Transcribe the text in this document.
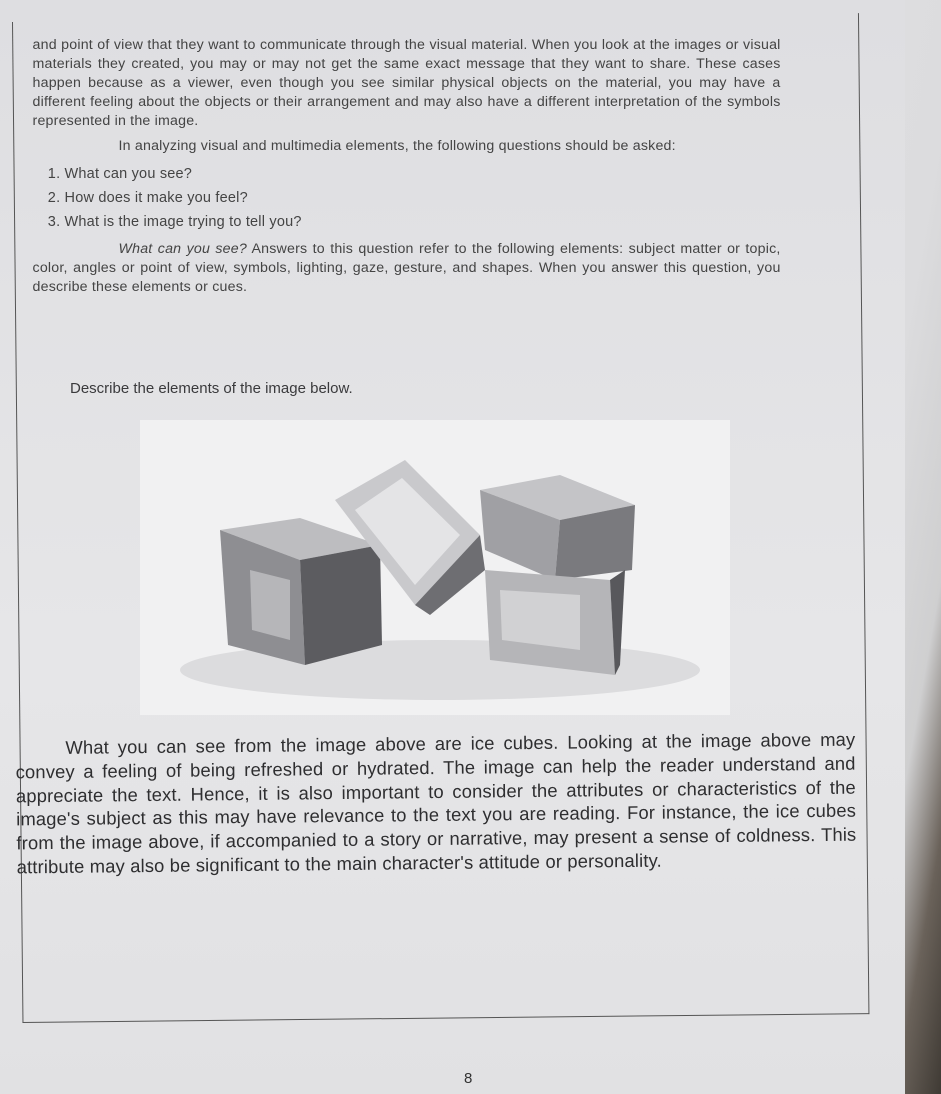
and point of view that they want to communicate through the visual material. When you look at the images or visual materials they created, you may or may not get the same exact message that they want to share. These cases happen because as a viewer, even though you see similar physical objects on the material, you may have a different feeling about the objects or their arrangement and may also have a different interpretation of the symbols represented in the image.

In analyzing visual and multimedia elements, the following questions should be asked:

1. What can you see?
2. How does it make you feel?
3. What is the image trying to tell you?

What can you see? Answers to this question refer to the following elements: subject matter or topic, color, angles or point of view, symbols, lighting, gaze, gesture, and shapes. When you answer this question, you describe these elements or cues.

Describe the elements of the image below.

What you can see from the image above are ice cubes. Looking at the image above may convey a feeling of being refreshed or hydrated. The image can help the reader understand and appreciate the text. Hence, it is also important to consider the attributes or characteristics of the image's subject as this may have relevance to the text you are reading. For instance, the ice cubes from the image above, if accompanied to a story or narrative, may present a sense of coldness. This attribute may also be significant to the main character's attitude or personality.

8
